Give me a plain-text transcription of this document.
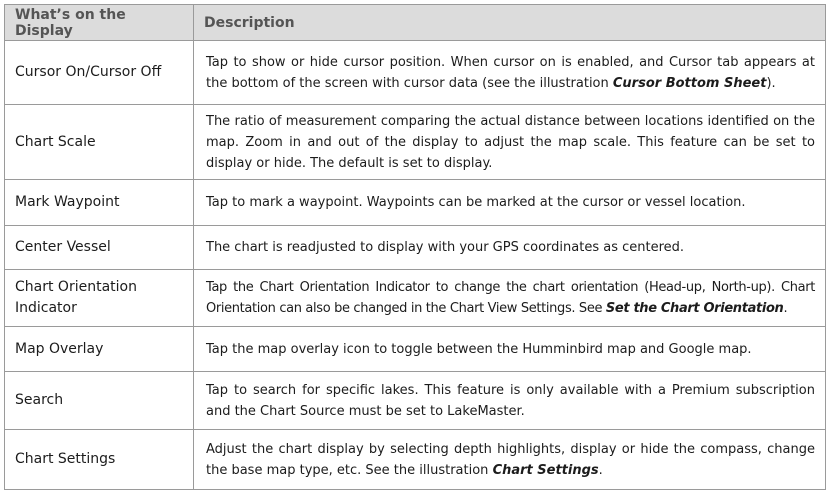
What’s on the Display	Description
Cursor On/Cursor Off	Tap to show or hide cursor position. When cursor on is enabled, and Cursor tab appears at the bottom of the screen with cursor data (see the illustration Cursor Bottom Sheet).
Chart Scale	The ratio of measurement comparing the actual distance between locations identified on the map. Zoom in and out of the display to adjust the map scale. This feature can be set to display or hide. The default is set to display.
Mark Waypoint	Tap to mark a waypoint. Waypoints can be marked at the cursor or vessel location.
Center Vessel	The chart is readjusted to display with your GPS coordinates as centered.
Chart Orientation Indicator	Tap the Chart Orientation Indicator to change the chart orientation (Head-up, North-up). Chart Orientation can also be changed in the Chart View Settings. See Set the Chart Orientation.
Map Overlay	Tap the map overlay icon to toggle between the Humminbird map and Google map.
Search	Tap to search for specific lakes. This feature is only available with a Premium subscription and the Chart Source must be set to LakeMaster.
Chart Settings	Adjust the chart display by selecting depth highlights, display or hide the compass, change the base map type, etc. See the illustration Chart Settings.
